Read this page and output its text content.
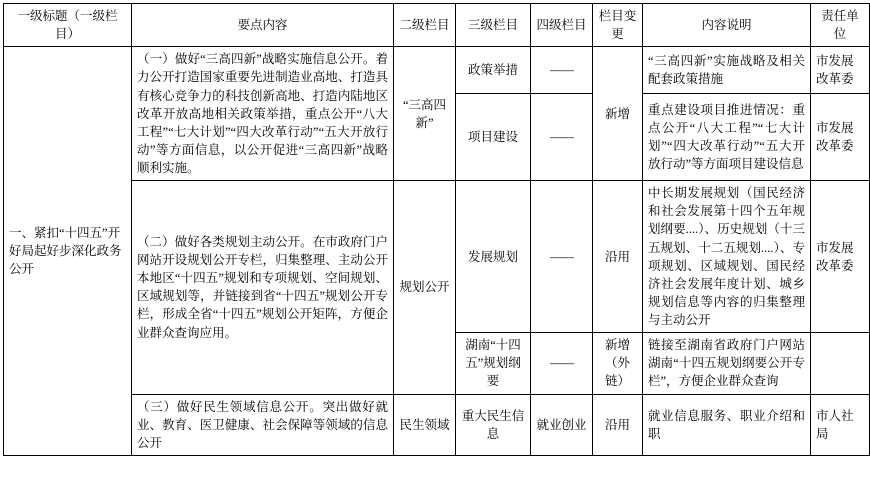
一级标题（一级栏目）	要点内容	二级栏目	三级栏目	四级栏目	栏目变更	内容说明	责任单位
一、紧扣“十四五”开好局起好步深化政务公开	（一）做好“三高四新”战略实施信息公开。着力公开打造国家重要先进制造业高地、打造具有核心竞争力的科技创新高地、打造内陆地区改革开放高地相关政策举措，重点公开“八大工程”“七大计划”“四大改革行动”“五大开放行动”等方面信息，以公开促进“三高四新”战略顺利实施。	“三高四新”	政策举措	——	新增	“三高四新”实施战略及相关配套政策措施	市发展改革委
			项目建设	——		重点建设项目推进情况：重点公开“八大工程”“七大计划”“四大改革行动”“五大开放行动”等方面项目建设信息	市发展改革委
	（二）做好各类规划主动公开。在市政府门户网站开设规划公开专栏，归集整理、主动公开本地区“十四五”规划和专项规划、空间规划、区域规划等，并链接到省“十四五”规划公开专栏，形成全省“十四五”规划公开矩阵，方便企业群众查询应用。	规划公开	发展规划	——	沿用	中长期发展规划（国民经济和社会发展第十四个五年规划纲要....）、历史规划（十三五规划、十二五规划....）、专项规划、区域规划、国民经济社会发展年度计划、城乡规划信息等内容的归集整理与主动公开	市发展改革委
			湖南“十四五”规划纲要	——	新增（外链）	链接至湖南省政府门户网站湖南“十四五规划纲要公开专栏”，方便企业群众查询	
	（三）做好民生领域信息公开。突出做好就业、教育、医卫健康、社会保障等领域的信息公开	民生领域	重大民生信息	就业创业	沿用	就业信息服务、职业介绍和职	市人社局
